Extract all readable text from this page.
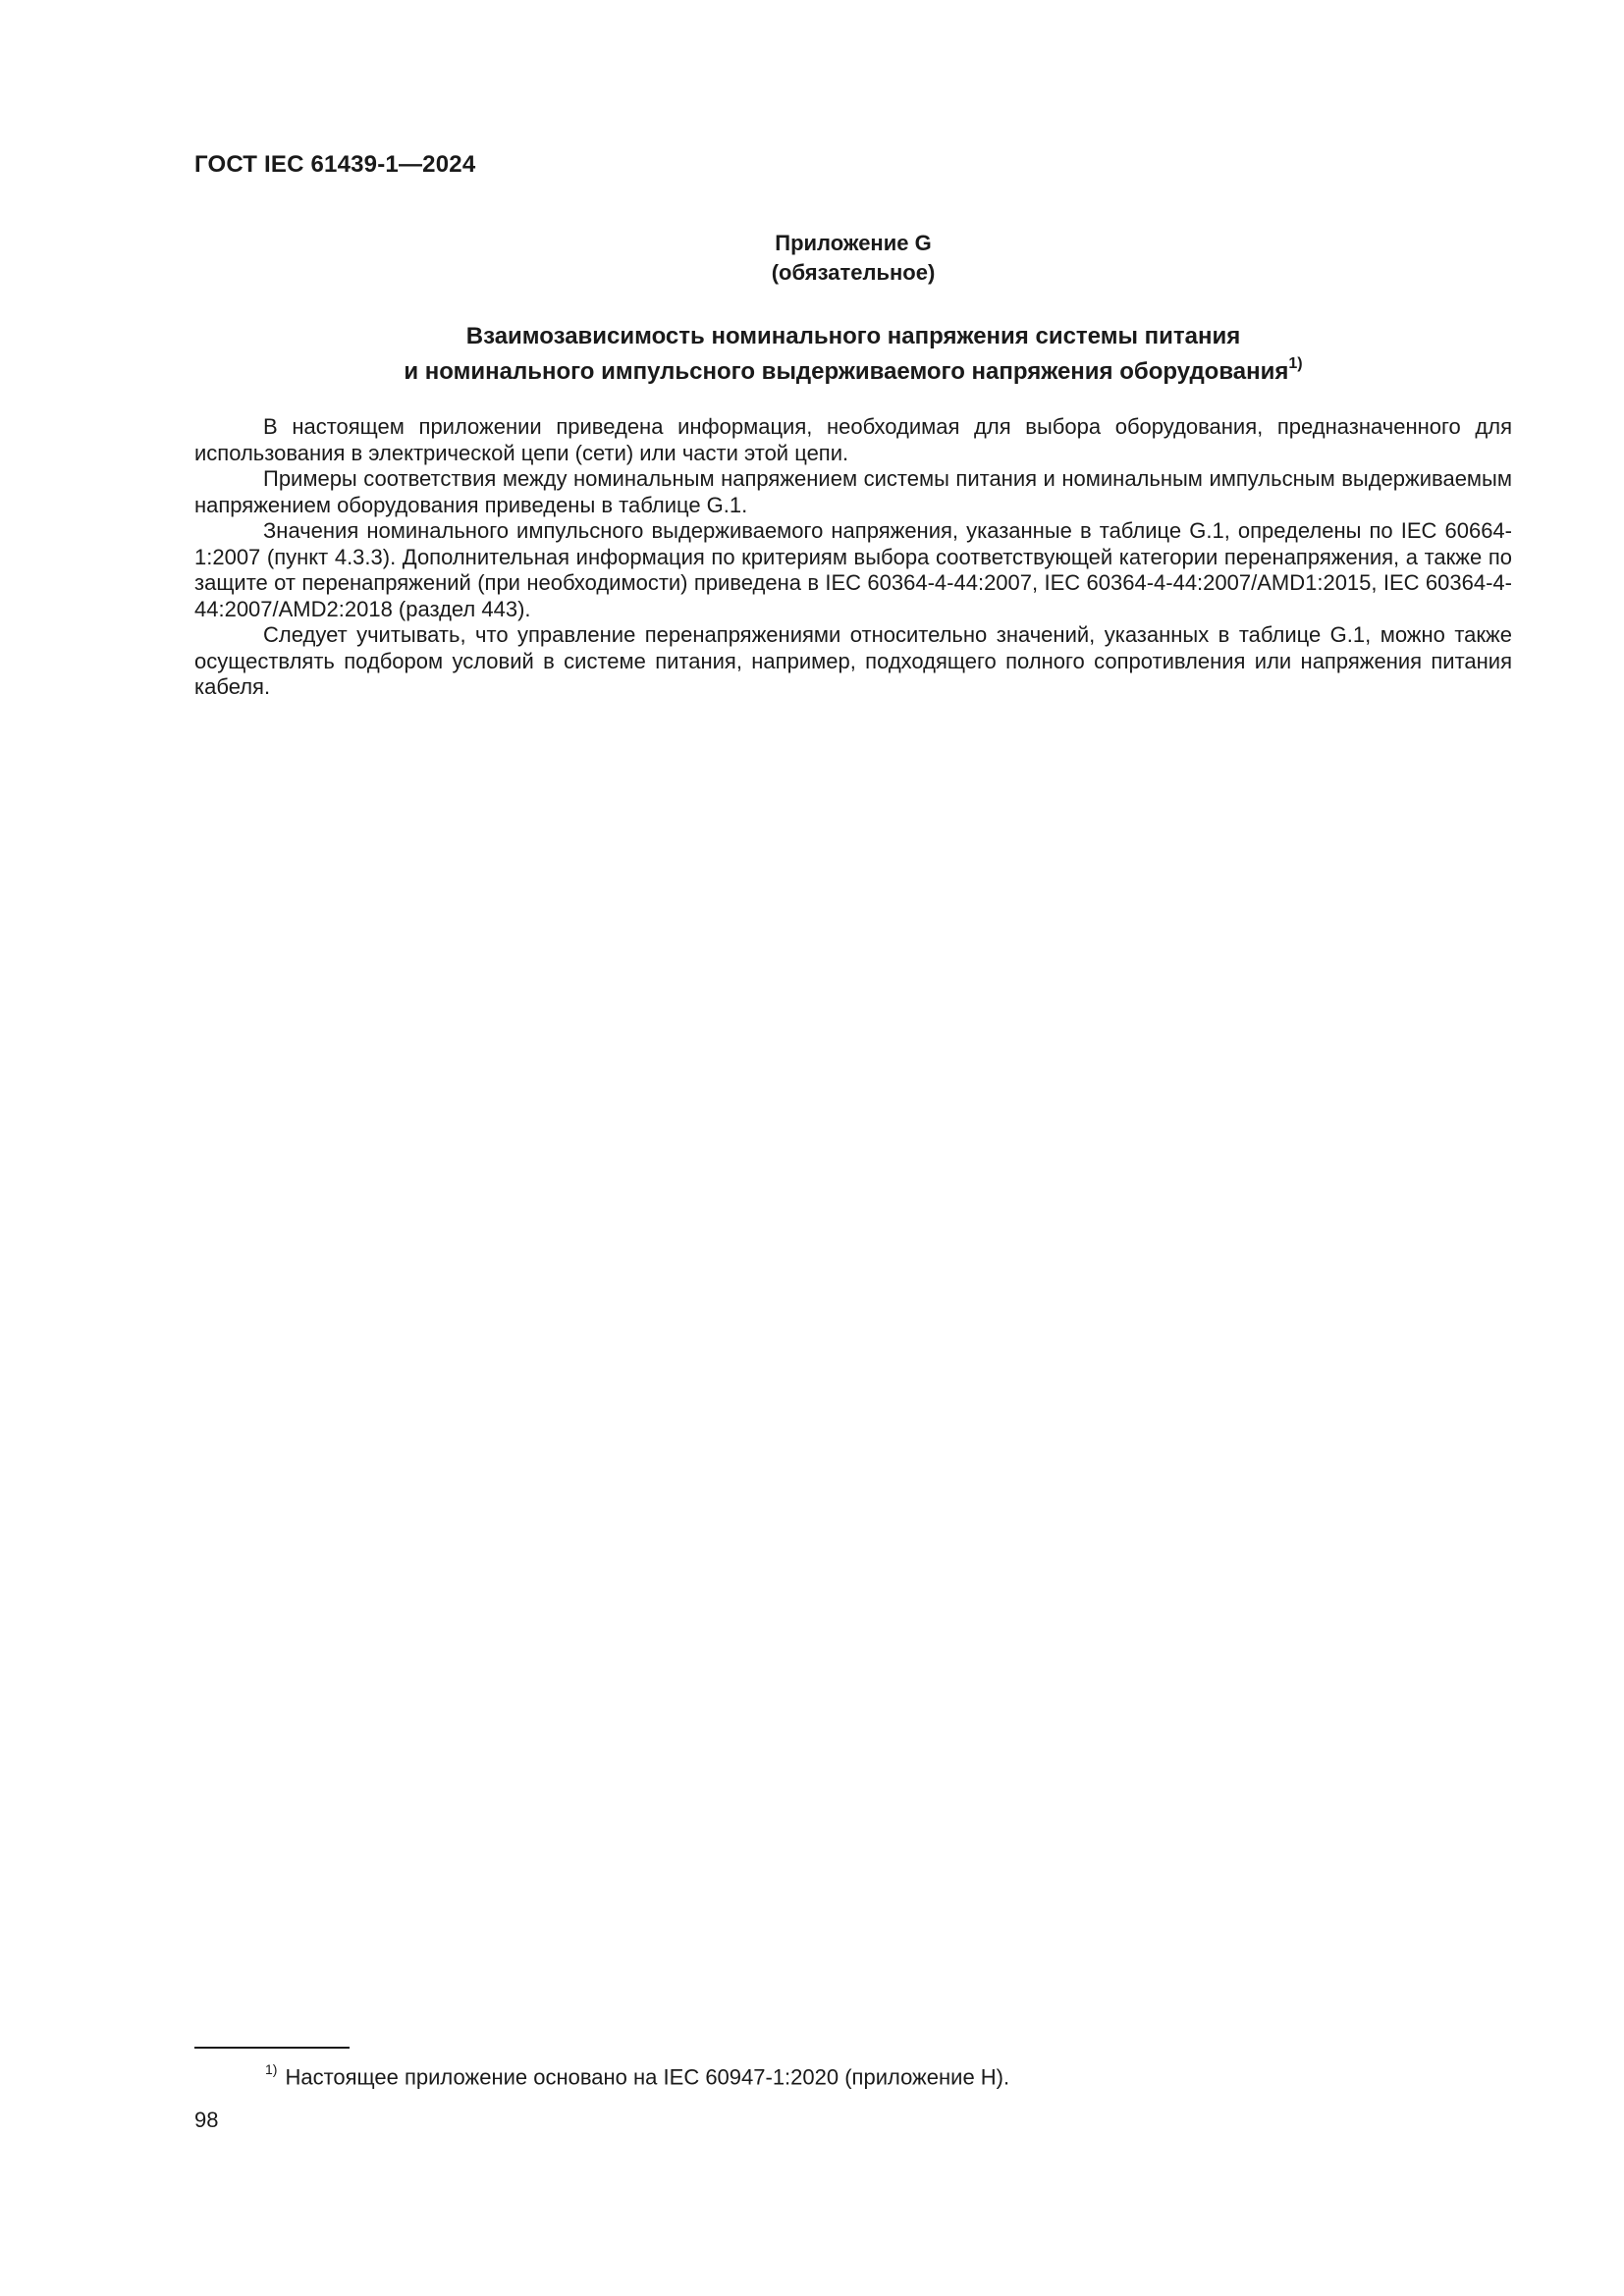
ГОСТ IEC 61439-1—2024
Приложение G
(обязательное)
Взаимозависимость номинального напряжения системы питания
и номинального импульсного выдерживаемого напряжения оборудования$^{1)}$

В настоящем приложении приведена информация, необходимая для выбора оборудования, предназначенного для использования в электрической цепи (сети) или части этой цепи.

Примеры соответствия между номинальным напряжением системы питания и номинальным импульсным выдерживаемым напряжением оборудования приведены в таблице G.1.

Значения номинального импульсного выдерживаемого напряжения, указанные в таблице G.1, определены по IEC 60664-1:2007 (пункт 4.3.3). Дополнительная информация по критериям выбора соответствующей категории перенапряжения, а также по защите от перенапряжений (при необходимости) приведена в IEC 60364-4-44:2007, IEC 60364-4-44:2007/AMD1:2015, IEC 60364-4-44:2007/AMD2:2018 (раздел 443).

Следует учитывать, что управление перенапряжениями относительно значений, указанных в таблице G.1, можно также осуществлять подбором условий в системе питания, например, подходящего полного сопротивления или напряжения питания кабеля.

$^{1)}$ Настоящее приложение основано на IEC 60947-1:2020 (приложение H).
98
